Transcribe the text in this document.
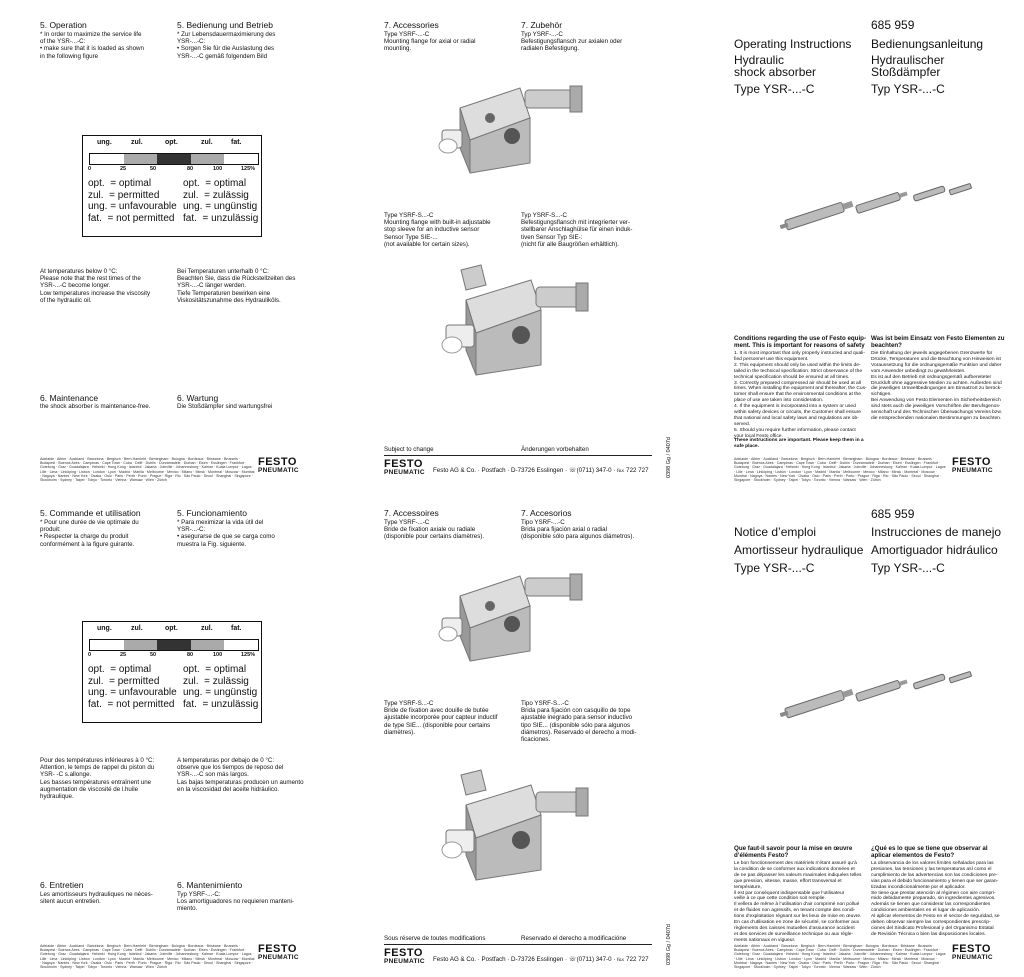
5. Operation
* In order to maximize the service life
of the YSR-...-C:
• make sure that it is loaded as shown
in the following figure
5. Bedienung und Betrieb
* Zur Lebensdauermaximierung des
YSR-...-C:
• Sorgen Sie für die Auslastung des
YSR-...-C gemäß folgendem Bild
ung.	zul.	opt.	zul.	fat.
0	25	50	80	100	125%
opt.  = optimal
zul.  = permitted
ung. = unfavourable
fat.  = not permitted
opt.  = optimal
zul.  = zulässig
ung. = ungünstig
fat.  = unzulässig
At temperatures below 0 °C:
Please note that the rest times of the
YSR-...-C become longer.
Low temperatures increase the viscosity
of the hydraulic oil.
Bei Temperaturen unterhalb 0 °C:
Beachten Sie, dass die Rückstellzeiten des
YSR-...-C länger werden.
Tiefe Temperaturen bewirken eine
Viskositätszunahme des Hydrauliköls.
6. Maintenance
the shock absorber is maintenance-free.
6. Wartung
Die Stoßdämpfer sind wartungsfrei
Adelaide · Altrier · Auckland · Barcelona · Bergisch · Bern-Hamleht · Birmingham · Bologna · Bordeaux · Brisbane · Brussels · Budapest · Buenos Aires · Campinas · Cape Town · Cuba · Delft · Dublin · Dunramadele · Durban · Eisen · Esslingen · Frankfurt · Goteborg · Graz · Guadalajara · Helsinki · Hong Kong · Istanbul · Jakarta · Joinville · Johannesburg · Kalmar · Kuala Lumpur · Lagos · Lille · Lima · Linköping · Lisbon · London · Lyon · Madrid · Manila · Melbourne · Mexico · Milano · Minsk · Montreal · Moscow · Mumbai · Nagoya · Nantes · New York · Osaka · Oslo · Paris · Perth · Porto · Prague · Riga · Rio · São Paulo · Seoul · Shanghai · Singapore · Stockholm · Sydney · Taipei · Tokyo · Toronto · Vienna · Warsaw · Wien · Zürich
FESTO
PNEUMATIC
7. Accessories
Type YSRF-...-C
Mounting flange for axial or radial
mounting.
7. Zubehör
Typ YSRF-...-C
Befestigungsflansch zur axialen oder
radialen Befestigung.
Type YSRF-S...-C
Mounting flange with built-in adjustable
stop sleeve for an inductive sensor
Sensor Type SIE-...
(not available for certain sizes).
Typ YSRF-S...-C
Befestigungsflansch mit integrierter ver-
stellbarer Anschlaghülse für einen induk-
tiven Sensor Typ SIE-:
(nicht für alle Baugrößen erhältlich).
Subject to change	Änderungen vorbehalten
FESTO
PNEUMATIC Festo AG & Co. · Postfach · D-73726 Esslingen · ☏(0711) 347-0 · ℻ 722 727	0398 Gg / 0407d
685 959
Operating Instructions Bedienungsanleitung
Hydraulic
shock absorber
Hydraulischer
Stoßdämpfer
Type YSR-...-C	Typ YSR-...-C
Conditions regarding the use of Festo equip-
ment. This is important for reasons of safety
1. It is most important that only properly instructed and quali-
fied personnel use this equipment.
2. This equipment should only be used within the limits de-
tailed in the technical specification. Strict observance of the
technical specification should be ensured at all times.
3. Correctly prepared compressed air should be used at all
times. When installing the equipment and thereafter, the Cus-
tomer shall ensure that the environmental conditions at the
place of use are taken into consideration.
4. If the equipment is incorporated into a system or used
within safety devices or circuits, the Customer shall ensure
that national and local safety laws and regulations are ob-
served.
5. Should you require further information, please contact
your local Festo office.
These instructions are important. Please keep them in a
safe place.
Was ist beim Einsatz von Festo Elementen zu
beachten?
Die Einhaltung der jeweils angegebenen Grenzwerte für
Drücke, Temperaturen und die Beachtung von Hinweisen ist
Voraussetzung für die ordnungsgemäße Funktion und daher
vom Anwender unbedingt zu gewährleisten.
Es ist auf den Betrieb mit ordnungsgemäß aufbereiteter
Druckluft ohne aggressive Medien zu achten. Außerden sind
die jeweiligen Umweltbedingungen am Einsatzort zu berück-
sichtigen.
Bei Anwendung von Festo Elementen im Sicherheitsbereich
sind stets auch die jeweiligen Vorschriften der Berufsgenos-
senschaft und des Technischen Überwachungs Vereins bzw.
die entsprechenden nationalen Bestimmungen zu beachten.
Adelaide · Altrier · Auckland · Barcelona · Bergisch · Bern-Hamleht · Birmingham · Bologna · Bordeaux · Brisbane · Brussels · Budapest · Buenos Aires · Campinas · Cape Town · Cuba · Delft · Dublin · Dunramadele · Durban · Eisen · Esslingen · Frankfurt · Goteborg · Graz · Guadalajara · Helsinki · Hong Kong · Istanbul · Jakarta · Joinville · Johannesburg · Kalmar · Kuala Lumpur · Lagos · Lille · Lima · Linköping · Lisbon · London · Lyon · Madrid · Manila · Melbourne · Mexico · Milano · Minsk · Montreal · Moscow · Mumbai · Nagoya · Nantes · New York · Osaka · Oslo · Paris · Perth · Porto · Prague · Riga · Rio · São Paulo · Seoul · Shanghai · Singapore · Stockholm · Sydney · Taipei · Tokyo · Toronto · Vienna · Warsaw · Wien · Zürich
FESTO
PNEUMATIC
5. Commande et utilisation
* Pour une durée de vie optimale du
produit:
• Respecter la charge du produit
conformément à la figure guirante.
5. Funcionamiento
* Para meximizar la vida útil del
YSR-...-C:
• asegurarse de que se carga como
muestra la Fig. siguiente.
ung.	zul.	opt.	zul.	fat.
0	25	50	80	100	125%
opt.  = optimal
zul.  = permitted
ung. = unfavourable
fat.  = not permitted
opt.  = optimal
zul.  = zulässig
ung. = ungünstig
fat.  = unzulässig
Pour des températures inférieures à 0 °C:
Attention, le temps de rappel du piston du
YSR- -C s.allonge.
Les basses températures entraînent une
augmentation de viscosité de l.huile
hydraulique.
A temperaturas por debajo de 0 °C:
observe que los tiempos de reposo del
YSR-...-C son más largos.
Las bajas temperaturas producen un aumento
en la viscosidad del aceite hidráulico.
6. Entretien
Les amortisseurs hydrauliques ne néces-
sitent aucun entretien.
6. Mantenimiento
Typ YSRF-...-C:
Los amortiguadores no requieren manteni-
miento.
Adelaide · Altrier · Auckland · Barcelona · Bergisch · Bern-Hamleht · Birmingham · Bologna · Bordeaux · Brisbane · Brussels · Budapest · Buenos Aires · Campinas · Cape Town · Cuba · Delft · Dublin · Dunramadele · Durban · Eisen · Esslingen · Frankfurt · Goteborg · Graz · Guadalajara · Helsinki · Hong Kong · Istanbul · Jakarta · Joinville · Johannesburg · Kalmar · Kuala Lumpur · Lagos · Lille · Lima · Linköping · Lisbon · London · Lyon · Madrid · Manila · Melbourne · Mexico · Milano · Minsk · Montreal · Moscow · Mumbai · Nagoya · Nantes · New York · Osaka · Oslo · Paris · Perth · Porto · Prague · Riga · Rio · São Paulo · Seoul · Shanghai · Singapore · Stockholm · Sydney · Taipei · Tokyo · Toronto · Vienna · Warsaw · Wien · Zürich
FESTO
PNEUMATIC
7. Accessoires
Type YSRF-...-C
Bride de fixation axiale ou radiale
(disponible pour certains diamètres).
7. Accesorios
Tipo YSRF-...-C
Brida para fijación axial o radial
(disponible sólo para algunos diámetros).
Type YSRF-S...-C
Bride de fixation avec douille de butée
ajustable incorporée pour capteur inductif
de type SIE... (disponible pour certains
diamètres).
Tipo YSRF-S...-C
Brida para fijación con casquillo de tope
ajustable inegrado para sensor inductivo
tipo SIE... (disponible sólo para algunos
diámetros). Reservado el derecho a modi-
ficaciones.
Sous réserve de toutes modifications	Reservado el derecho a modificacióne
FESTO
PNEUMATIC Festo AG & Co. · Postfach · D-73726 Esslingen · ☏(0711) 347-0 · ℻ 722 727	0398 Gg / 0407d
685 959
Notice d’emploi	Instrucciones de manejo
Amortisseur hydraulique Amortiguador hidráulico
Type YSR-...-C	Typ YSR-...-C
Que faut-il savoir pour la mise en œuvre
d’éléments Festo?
Le bon fonctionnement des matériels n’étant assuré qu’à
la condition de se conformer aux indications données et
de ne pas dépasser les valeurs maximales indiquées telles
que pression, vitesse, masse, effort transversal et température,
il est par conséquent indispensable que l’utilisateur
veille à ce que cette condition soit remplie.
Il vellera de même à l’utilisation d’air comprimé non pollué
et de fluides non agressifs, en tenant compte des condi-
tions d’exploitation régnant sur les lieux de mise en œuvre.
En cas d’utilisation en zone de sécurité, se conformer aux
règlements des caisses mutuelles d’assurance accident
et des services de surveillance technique ou aux règle-
ments nationaux en vigueur.
¿Qué es lo que se tiene que observar al
aplicar elementos de Festo?
La observancia de los valores límites señalados para las
presiones, las tensiones y las temperaturas así como el
cumplimiento de las advertencias son las condiciones pre-
vias para el debido funcionamiento y tienen que ser garan-
tizadas incondicionalmente por el aplicador.
Se tiene que prestar atención al régimen con aire compri-
mido debidamente preparado, sin ingredientes agresivos.
Además se tienen que considerar las correspondientes
condiciones ambientales en el lugar de aplicación.
Al aplicar elementos de Festo en el sector de seguridad, se
deben observar siempre las correspondientes prescrip-
ciones del Sindicato Profesional y del Organismo Estatal
de Revisión Técnica o bien las disposiciones locales.
Adelaide · Altrier · Auckland · Barcelona · Bergisch · Bern-Hamleht · Birmingham · Bologna · Bordeaux · Brisbane · Brussels · Budapest · Buenos Aires · Campinas · Cape Town · Cuba · Delft · Dublin · Dunramadele · Durban · Eisen · Esslingen · Frankfurt · Goteborg · Graz · Guadalajara · Helsinki · Hong Kong · Istanbul · Jakarta · Joinville · Johannesburg · Kalmar · Kuala Lumpur · Lagos · Lille · Lima · Linköping · Lisbon · London · Lyon · Madrid · Manila · Melbourne · Mexico · Milano · Minsk · Montreal · Moscow · Mumbai · Nagoya · Nantes · New York · Osaka · Oslo · Paris · Perth · Porto · Prague · Riga · Rio · São Paulo · Seoul · Shanghai · Singapore · Stockholm · Sydney · Taipei · Tokyo · Toronto · Vienna · Warsaw · Wien · Zürich
FESTO
PNEUMATIC
